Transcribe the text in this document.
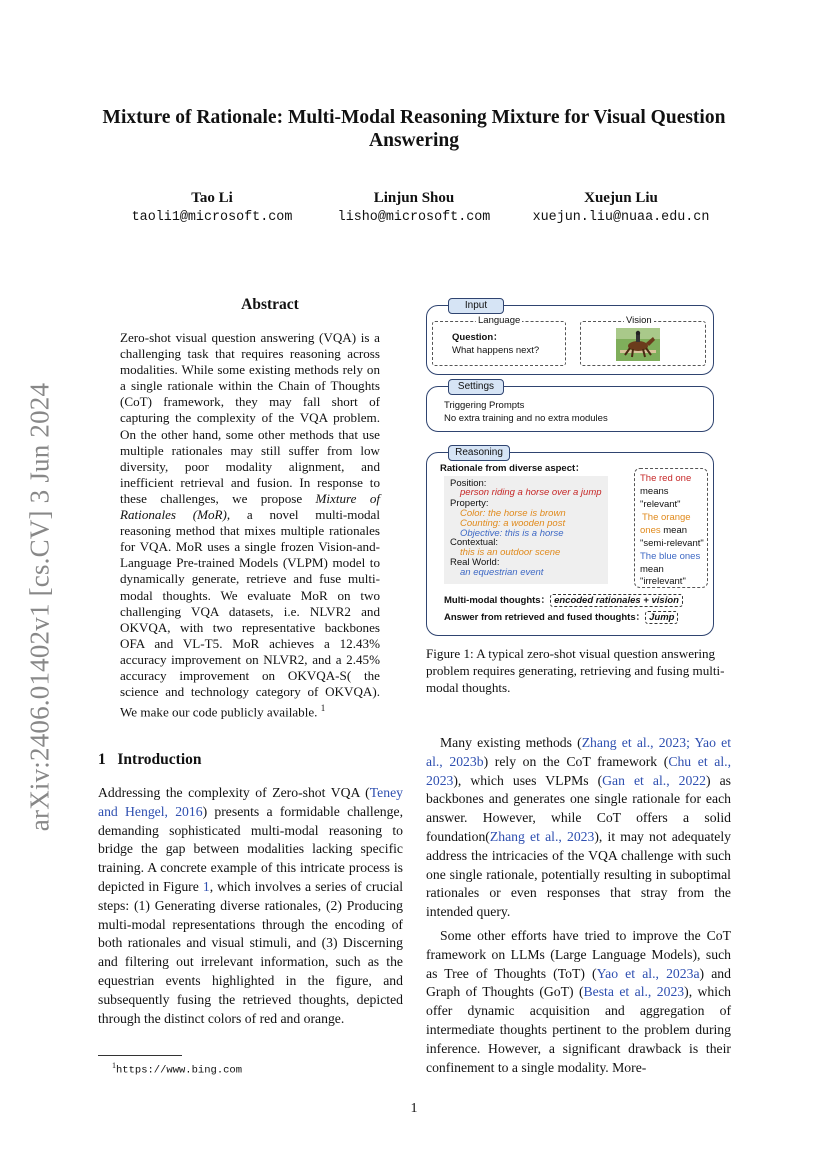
arXiv:2406.01402v1 [cs.CV] 3 Jun 2024
Mixture of Rationale: Multi-Modal Reasoning Mixture for Visual Question
Answering
Tao Li
taoli1@microsoft.com
Linjun Shou
lisho@microsoft.com
Xuejun Liu
xuejun.liu@nuaa.edu.cn
Abstract
Zero-shot visual question answering (VQA) is a challenging task that requires reasoning across modalities. While some existing methods rely on a single rationale within the Chain of Thoughts (CoT) framework, they may fall short of capturing the complexity of the VQA problem. On the other hand, some other methods that use multiple rationales may still suffer from low diversity, poor modality alignment, and inefficient retrieval and fusion. In response to these challenges, we propose Mixture of Rationales (MoR), a novel multi-modal reasoning method that mixes multiple rationales for VQA. MoR uses a single frozen Vision-and-Language Pre-trained Models (VLPM) model to dynamically generate, retrieve and fuse multi-modal thoughts. We evaluate MoR on two challenging VQA datasets, i.e. NLVR2 and OKVQA, with two representative backbones OFA and VL-T5. MoR achieves a 12.43% accuracy improvement on NLVR2, and a 2.45% accuracy improvement on OKVQA-S( the science and technology category of OKVQA). We make our code publicly available. $^1$
1 Introduction
Addressing the complexity of Zero-shot VQA (Teney and Hengel, 2016) presents a formidable challenge, demanding sophisticated multi-modal reasoning to bridge the gap between modalities lacking specific training. A concrete example of this intricate process is depicted in Figure 1, which involves a series of crucial steps: (1) Generating diverse rationales, (2) Producing multi-modal representations through the encoding of both rationales and visual stimuli, and (3) Discerning and filtering out irrelevant information, such as the equestrian events highlighted in the figure, and subsequently fusing the retrieved thoughts, depicted through the distinct colors of red and orange.
$^1$https://www.bing.com
Many existing methods (Zhang et al., 2023; Yao et al., 2023b) rely on the CoT framework (Chu et al., 2023), which uses VLPMs (Gan et al., 2022) as backbones and generates one single rationale for each answer. However, while CoT offers a solid foundation(Zhang et al., 2023), it may not adequately address the intricacies of the VQA challenge with such one single rationale, potentially resulting in suboptimal rationales or even responses that stray from the intended query.
Some other efforts have tried to improve the CoT framework on LLMs (Large Language Models), such as Tree of Thoughts (ToT) (Yao et al., 2023a) and Graph of Thoughts (GoT) (Besta et al., 2023), which offer dynamic acquisition and aggregation of intermediate thoughts pertinent to the problem during inference. However, a significant drawback is their confinement to a single modality. More-
Input
Language
Question：
What happens next?
Vision
Settings
Triggering Prompts
No extra training and no extra modules
Reasoning
Rationale from diverse aspect：
Position:
person riding a horse over a jump
Property:
Color: the horse is brown
Counting: a wooden post
Objective: this is a horse
Contextual:
this is an outdoor scene
Real World:
an equestrian event
The red one
means
"relevant"
The orange
ones mean
"semi-relevant"
The blue ones
mean
"irrelevant"
Multi-modal thoughts： encoded rationales + vision
Answer from retrieved and fused thoughts： Jump
Figure 1: A typical zero-shot visual question answering problem requires generating, retrieving and fusing multi-modal thoughts.
1
